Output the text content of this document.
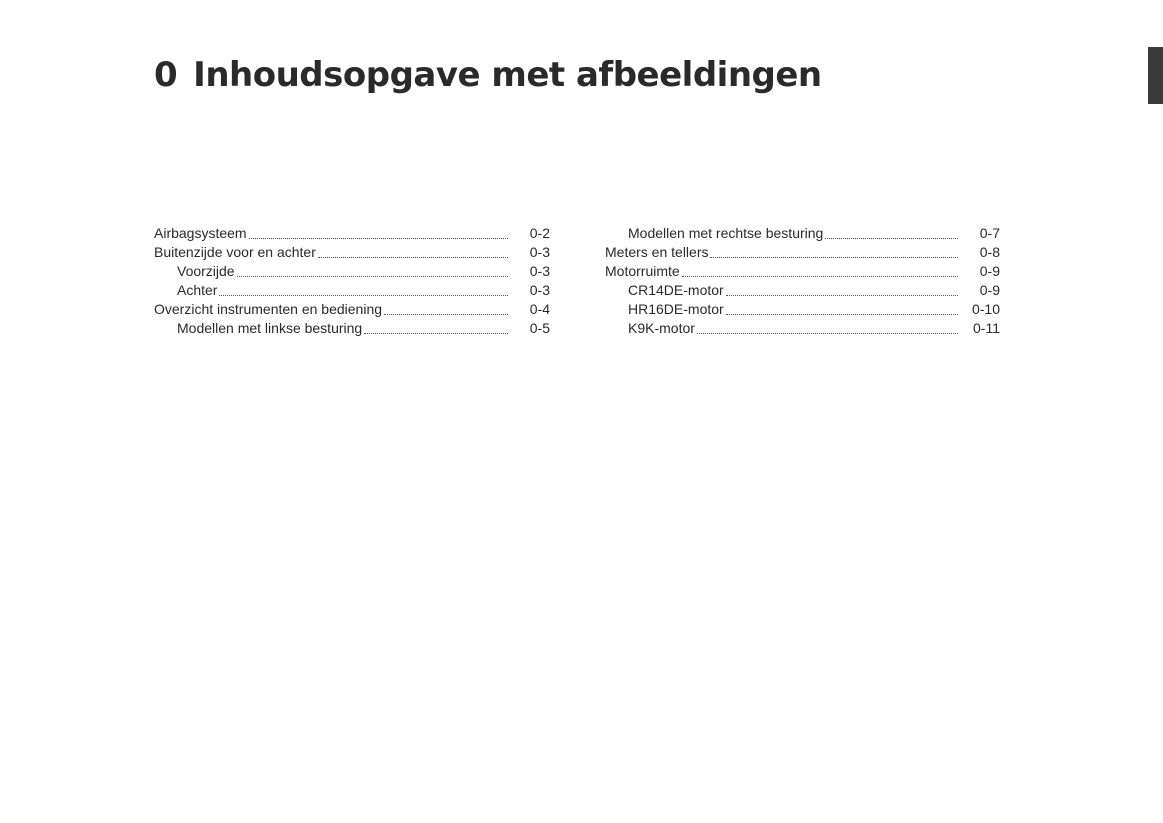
0 Inhoudsopgave met afbeeldingen
Airbagsysteem	0-2
Buitenzijde voor en achter	0-3
Voorzijde	0-3
Achter	0-3
Overzicht instrumenten en bediening	0-4
Modellen met linkse besturing	0-5
Modellen met rechtse besturing	0-7
Meters en tellers	0-8
Motorruimte	0-9
CR14DE-motor	0-9
HR16DE-motor	0-10
K9K-motor	0-11
